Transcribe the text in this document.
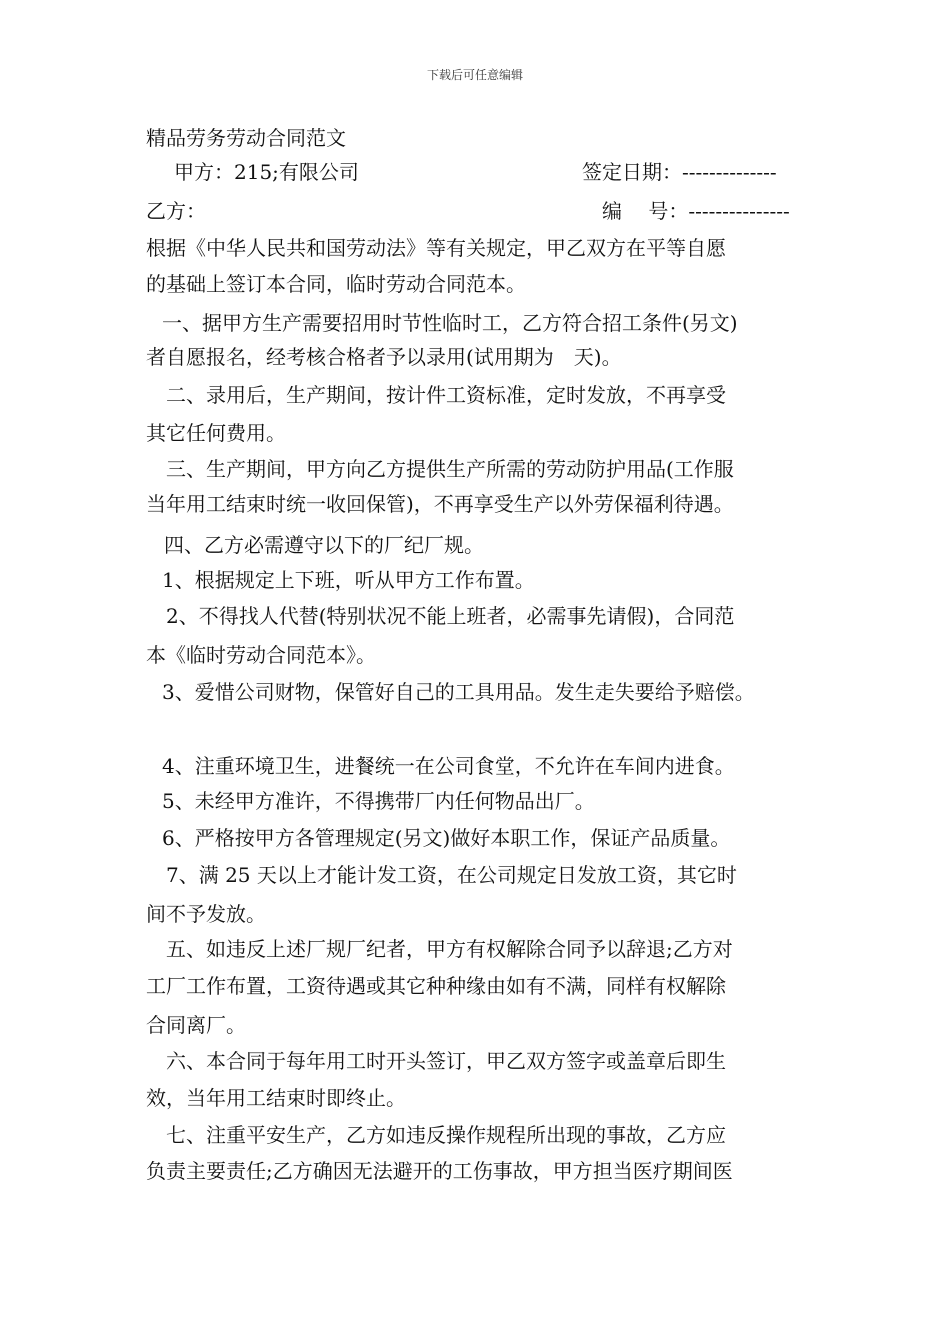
下载后可任意编辑
精品劳务劳动合同范文
甲方：215;有限公司	签定日期：--------------
乙方：	编　 号：---------------
根据《中华人民共和国劳动法》等有关规定，甲乙双方在平等自愿
的基础上签订本合同，临时劳动合同范本。
一、据甲方生产需要招用时节性临时工，乙方符合招工条件(另文)
者自愿报名，经考核合格者予以录用(试用期为　天)。
二、录用后，生产期间，按计件工资标准，定时发放，不再享受
其它任何费用。
三、生产期间，甲方向乙方提供生产所需的劳动防护用品(工作服
当年用工结束时统一收回保管)，不再享受生产以外劳保福利待遇。
四、乙方必需遵守以下的厂纪厂规。
1、根据规定上下班，听从甲方工作布置。
2、不得找人代替(特别状况不能上班者，必需事先请假)，合同范
本《临时劳动合同范本》。
3、爱惜公司财物，保管好自己的工具用品。发生走失要给予赔偿。
4、注重环境卫生，进餐统一在公司食堂，不允许在车间内进食。
5、未经甲方准许，不得携带厂内任何物品出厂。
6、严格按甲方各管理规定(另文)做好本职工作，保证产品质量。
7、满 25 天以上才能计发工资，在公司规定日发放工资，其它时
间不予发放。
五、如违反上述厂规厂纪者，甲方有权解除合同予以辞退;乙方对
工厂工作布置，工资待遇或其它种种缘由如有不满，同样有权解除
合同离厂。
六、本合同于每年用工时开头签订，甲乙双方签字或盖章后即生
效，当年用工结束时即终止。
七、注重平安生产，乙方如违反操作规程所出现的事故，乙方应
负责主要责任;乙方确因无法避开的工伤事故，甲方担当医疗期间医
